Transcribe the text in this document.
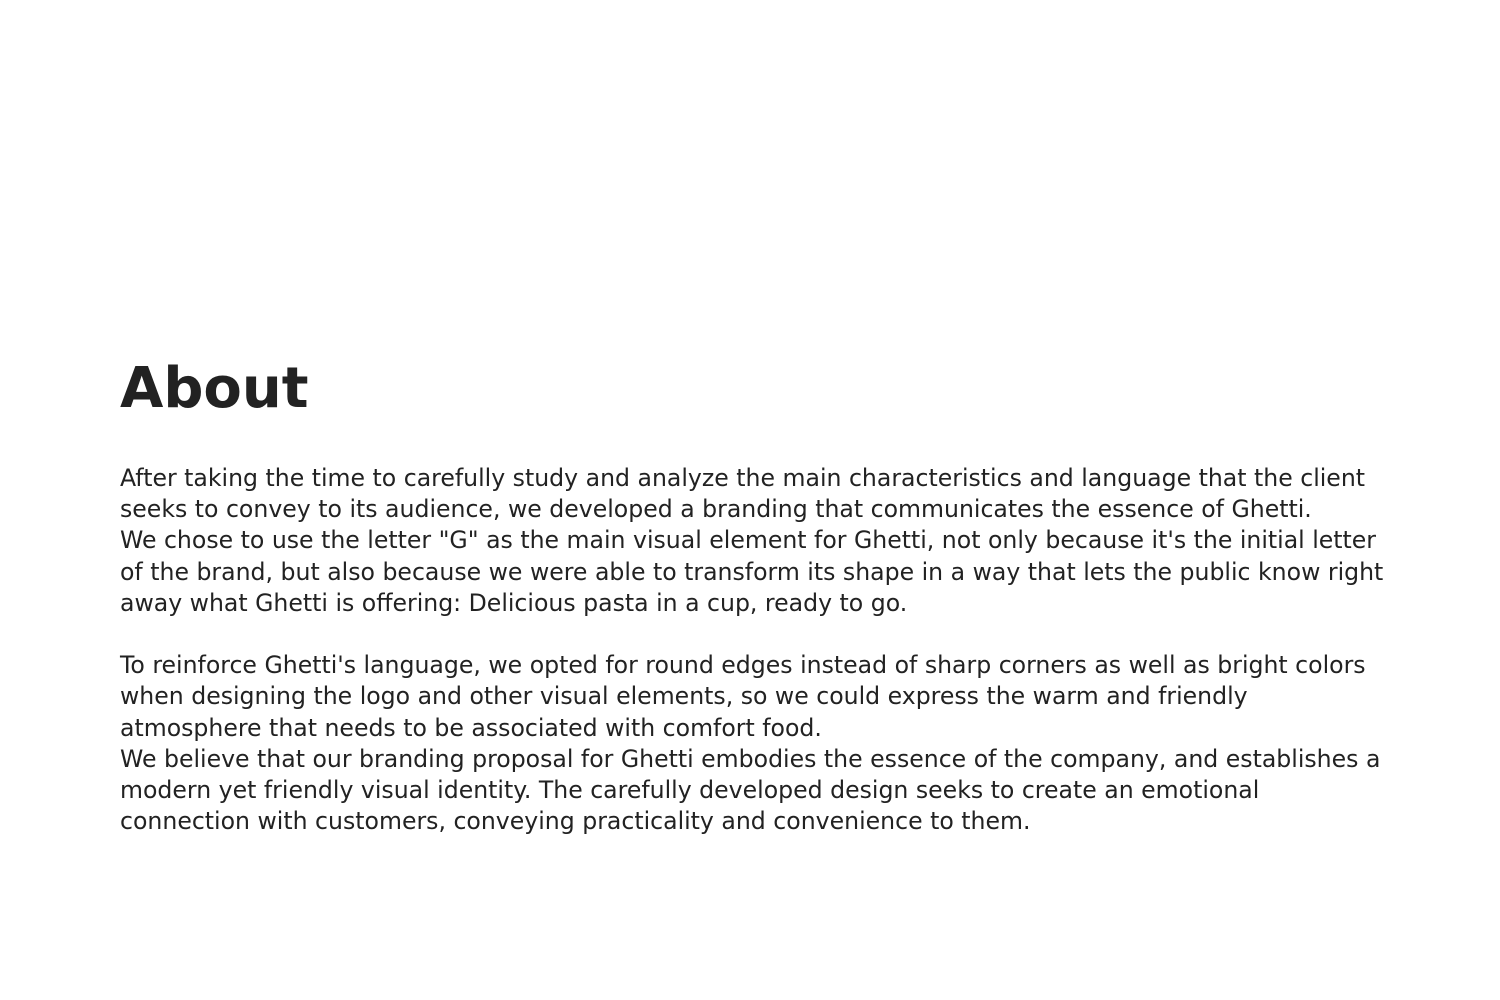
About

After taking the time to carefully study and analyze the main characteristics and language that the client seeks to convey to its audience, we developed a branding that communicates the essence of Ghetti.

We chose to use the letter "G" as the main visual element for Ghetti, not only because it's the initial letter of the brand, but also because we were able to transform its shape in a way that lets the public know right away what Ghetti is offering: Delicious pasta in a cup, ready to go.

To reinforce Ghetti's language, we opted for round edges instead of sharp corners as well as bright colors when designing the logo and other visual elements, so we could express the warm and friendly atmosphere that needs to be associated with comfort food.

We believe that our branding proposal for Ghetti embodies the essence of the company, and establishes a modern yet friendly visual identity. The carefully developed design seeks to create an emotional connection with customers, conveying practicality and convenience to them.
